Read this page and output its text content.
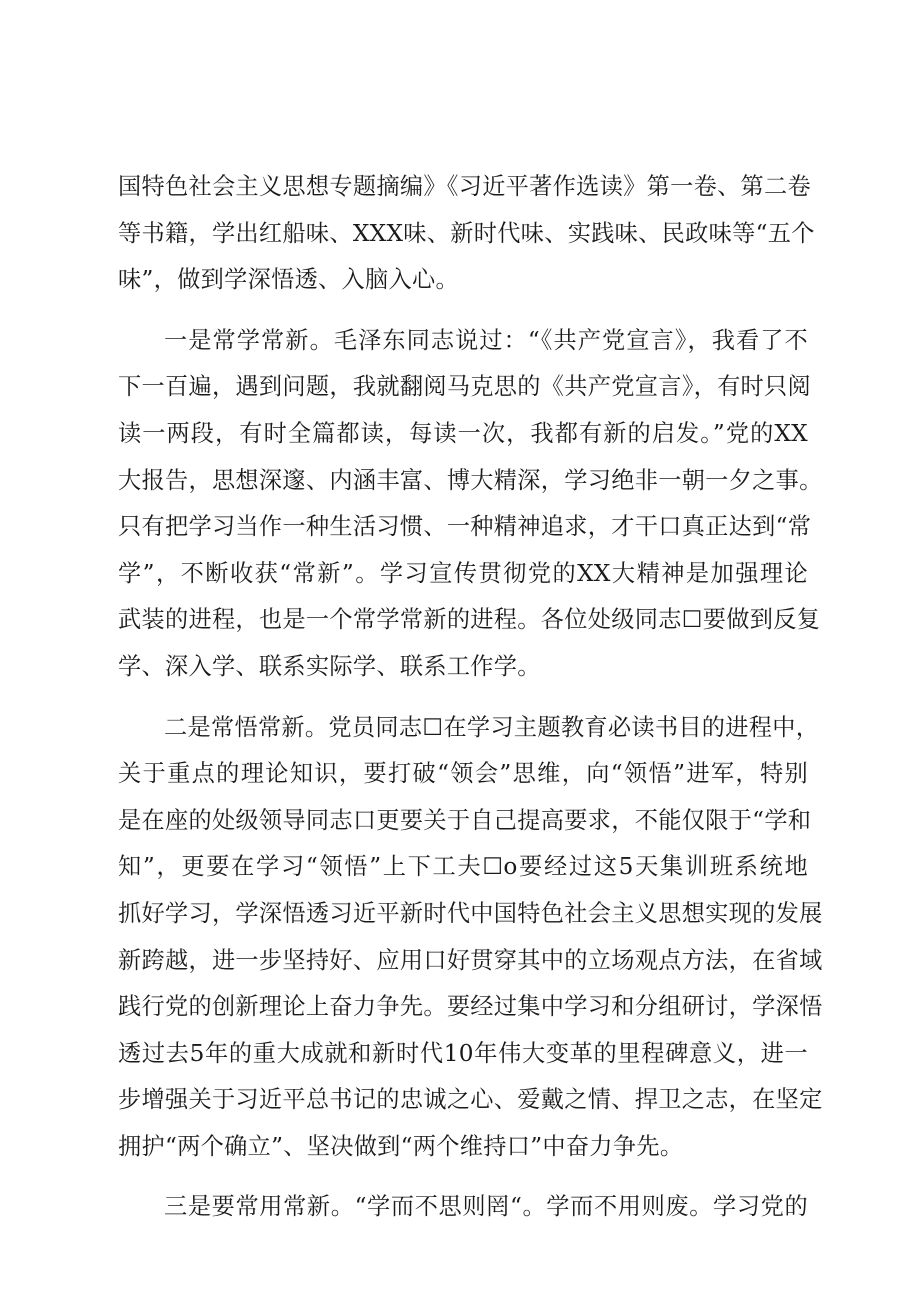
国特色社会主义思想专题摘编》《习近平著作选读》第一卷、第二卷
等书籍，学出红船味、XXX味、新时代味、实践味、民政味等“五个
味”，做到学深悟透、入脑入心。
一是常学常新。毛泽东同志说过：“《共产党宣言》，我看了不
下一百遍，遇到问题，我就翻阅马克思的《共产党宣言》，有时只阅
读一两段，有时全篇都读，每读一次，我都有新的启发。”党的XX
大报告，思想深邃、内涵丰富、博大精深，学习绝非一朝一夕之事。
只有把学习当作一种生活习惯、一种精神追求，才干口真正达到“常
学”，不断收获“常新”。学习宣传贯彻党的XX大精神是加强理论
武装的进程，也是一个常学常新的进程。各位处级同志☐要做到反复
学、深入学、联系实际学、联系工作学。
二是常悟常新。党员同志☐在学习主题教育必读书目的进程中，
关于重点的理论知识，要打破“领会”思维，向“领悟”进军，特别
是在座的处级领导同志口更要关于自己提高要求，不能仅限于“学和
知”，更要在学习“领悟”上下工夫☐o要经过这5天集训班系统地
抓好学习，学深悟透习近平新时代中国特色社会主义思想实现的发展
新跨越，进一步坚持好、应用口好贯穿其中的立场观点方法，在省域
践行党的创新理论上奋力争先。要经过集中学习和分组研讨，学深悟
透过去5年的重大成就和新时代10年伟大变革的里程碑意义，进一
步增强关于习近平总书记的忠诚之心、爱戴之情、捍卫之志，在坚定
拥护“两个确立”、坚决做到“两个维持口”中奋力争先。
三是要常用常新。“学而不思则罔“。学而不用则废。学习党的
